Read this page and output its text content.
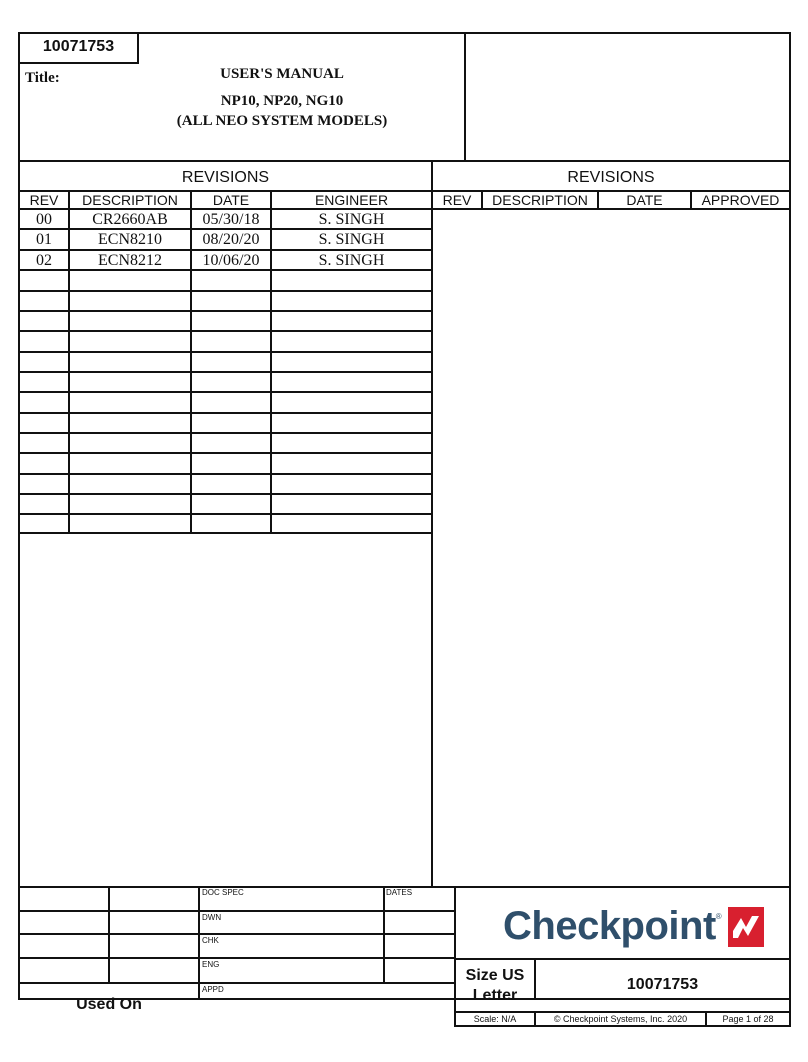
10071753
Title:	USER'S MANUAL
NP10, NP20, NG10
(ALL NEO SYSTEM MODELS)
REVISIONS	REVISIONS
REV	DESCRIPTION	DATE	ENGINEER	REV	DESCRIPTION	DATE	APPROVED
00	CR2660AB	05/30/18	S. SINGH
01	ECN8210	08/20/20	S. SINGH
02	ECN8212	10/06/20	S. SINGH
DOC SPEC	DATES
DWN
CHK
ENG
APPD
Used On
Checkpoint ®
Size US
Letter
10071753
Scale: N/A	© Checkpoint Systems, Inc. 2020	Page 1 of 28
